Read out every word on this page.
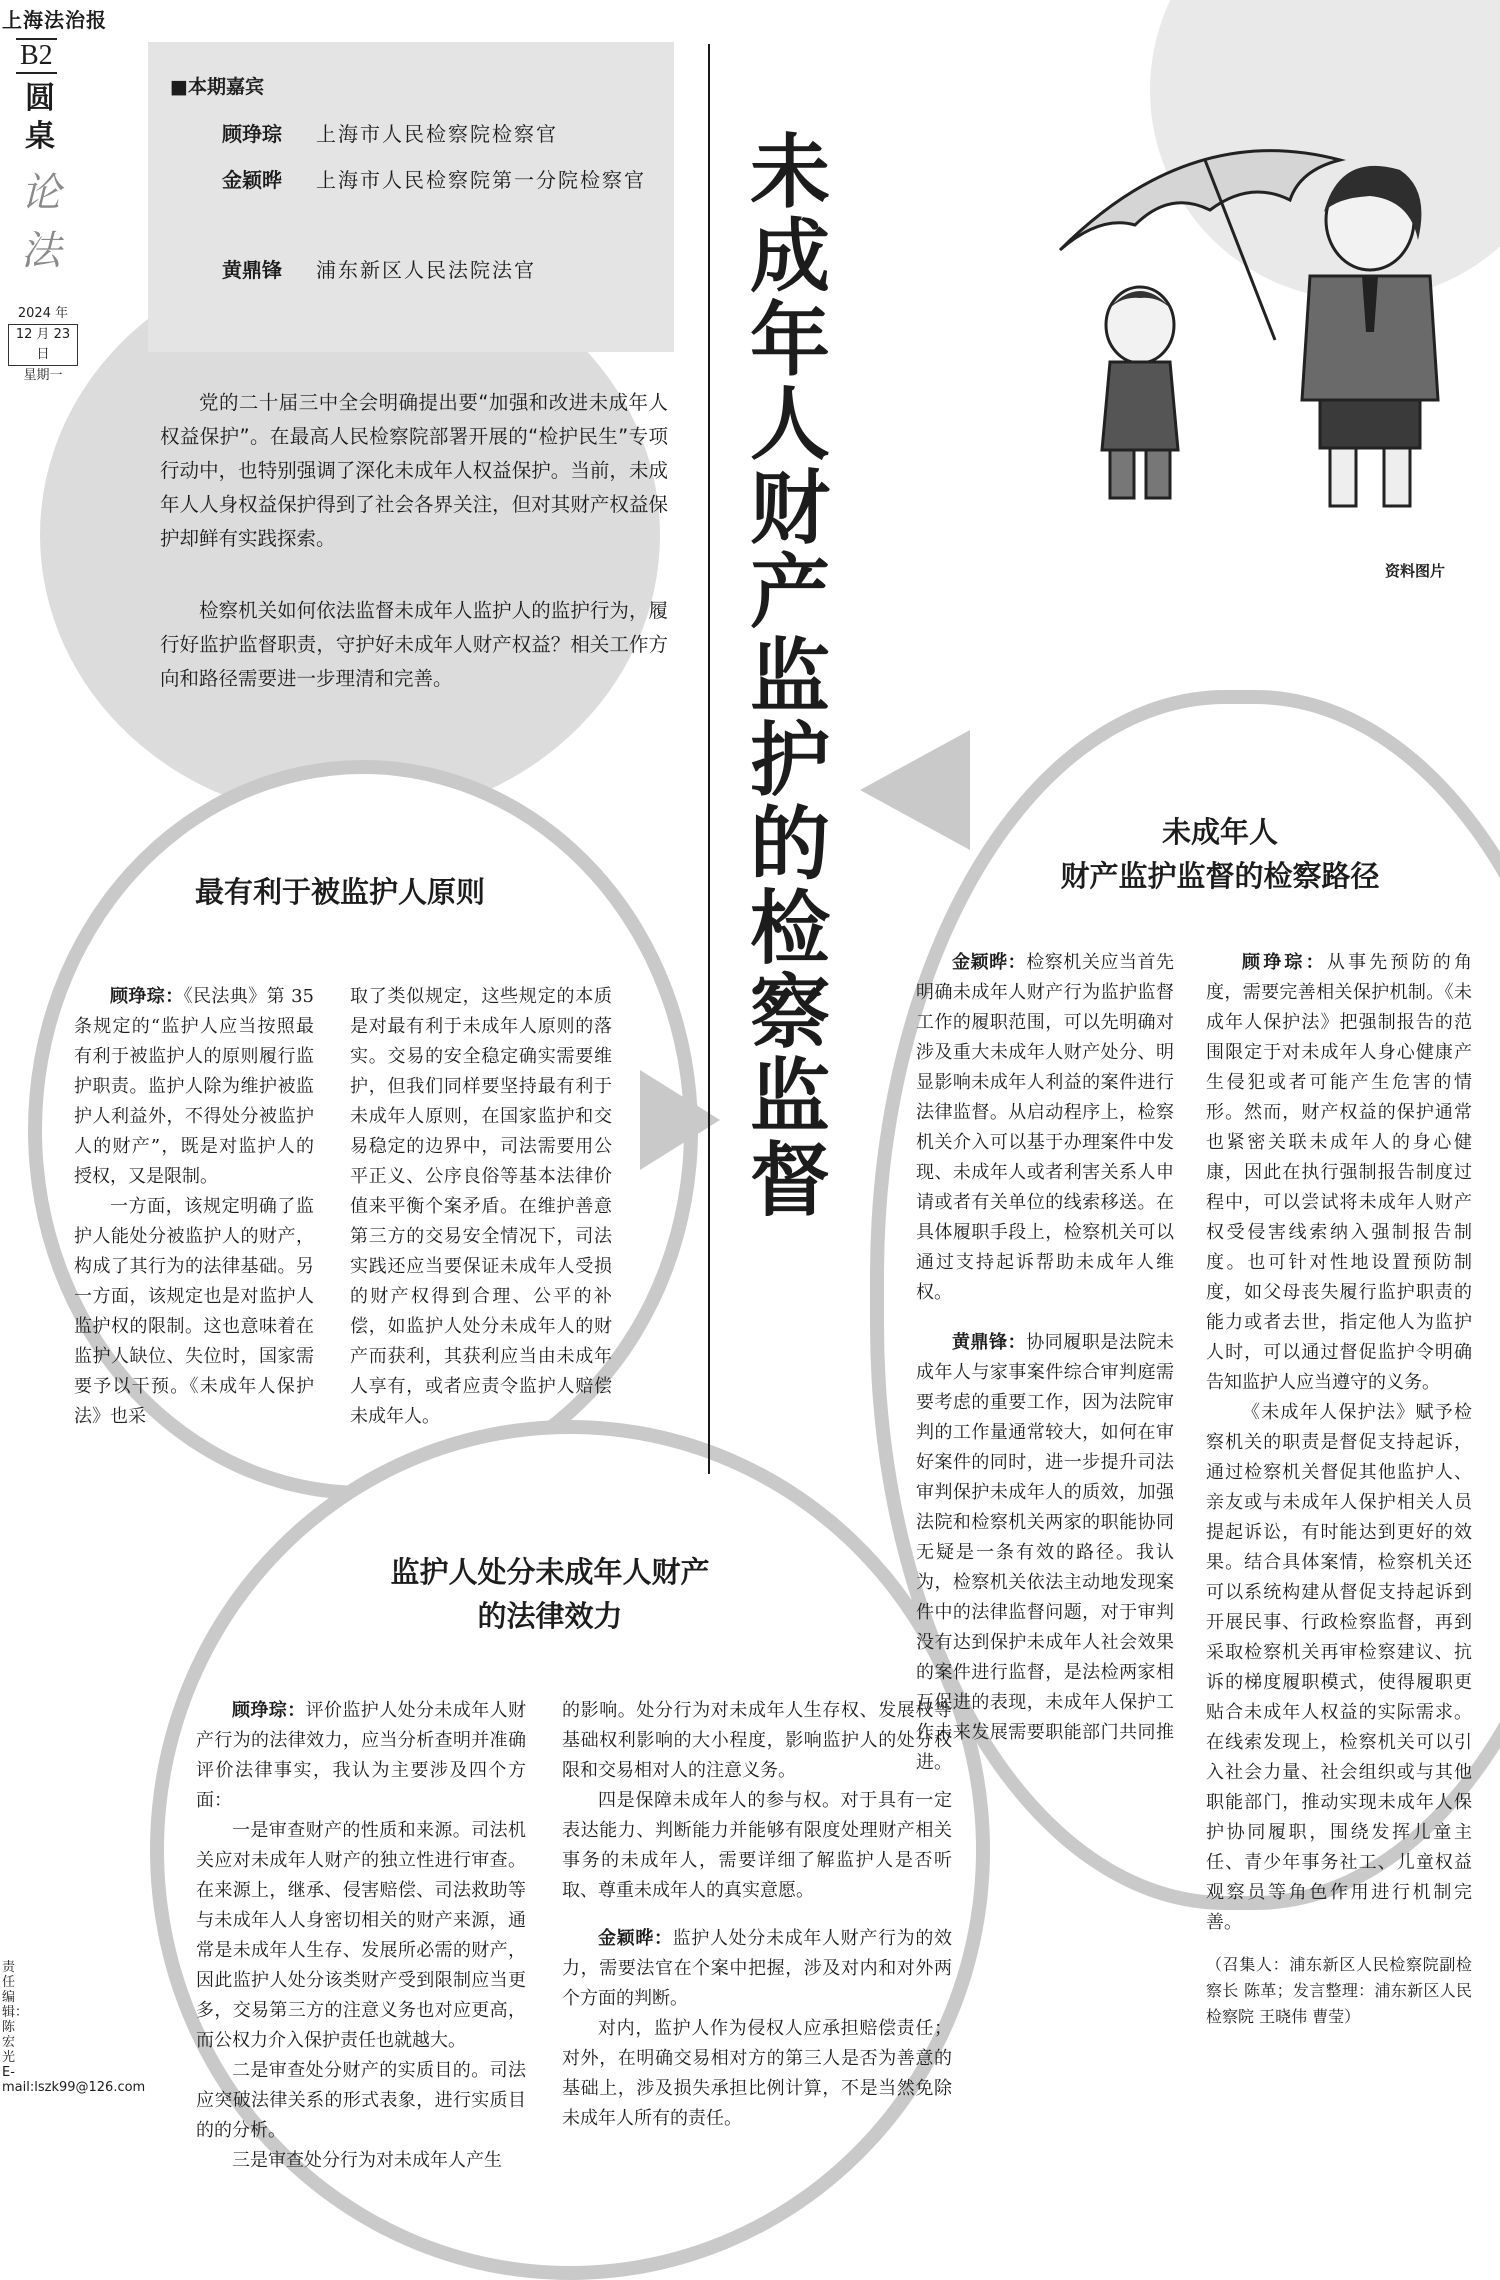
上海法治报
B2
圆
桌
论
法
2024 年
12 月 23 日
星期一
■本期嘉宾
顾琤琮 上海市人民检察院检察官
金颖晔 上海市人民检察院第一分院检察官
黄鼎锋 浦东新区人民法院法官

党的二十届三中全会明确提出要“加强和改进未成年人权益保护”。在最高人民检察院部署开展的“检护民生”专项行动中，也特别强调了深化未成年人权益保护。当前，未成年人人身权益保护得到了社会各界关注，但对其财产权益保护却鲜有实践探索。

检察机关如何依法监督未成年人监护人的监护行为，履行好监护监督职责，守护好未成年人财产权益？相关工作方向和路径需要进一步理清和完善。

未成年人财产监护的检察监督
资料图片
最有利于被监护人原则

顾琤琮：《民法典》第 35 条规定的“监护人应当按照最有利于被监护人的原则履行监护职责。监护人除为维护被监护人利益外，不得处分被监护人的财产”，既是对监护人的授权，又是限制。

一方面，该规定明确了监护人能处分被监护人的财产，构成了其行为的法律基础。另一方面，该规定也是对监护人监护权的限制。这也意味着在监护人缺位、失位时，国家需要予以干预。《未成年人保护法》也采

取了类似规定，这些规定的本质是对最有利于未成年人原则的落实。交易的安全稳定确实需要维护，但我们同样要坚持最有利于未成年人原则，在国家监护和交易稳定的边界中，司法需要用公平正义、公序良俗等基本法律价值来平衡个案矛盾。在维护善意第三方的交易安全情况下，司法实践还应当要保证未成年人受损的财产权得到合理、公平的补偿，如监护人处分未成年人的财产而获利，其获利应当由未成年人享有，或者应责令监护人赔偿未成年人。

监护人处分未成年人财产
的法律效力

顾琤琮：评价监护人处分未成年人财产行为的法律效力，应当分析查明并准确评价法律事实，我认为主要涉及四个方面：

一是审查财产的性质和来源。司法机关应对未成年人财产的独立性进行审查。在来源上，继承、侵害赔偿、司法救助等与未成年人人身密切相关的财产来源，通常是未成年人生存、发展所必需的财产，因此监护人处分该类财产受到限制应当更多，交易第三方的注意义务也对应更高，而公权力介入保护责任也就越大。

二是审查处分财产的实质目的。司法应突破法律关系的形式表象，进行实质目的的分析。

三是审查处分行为对未成年人产生

的影响。处分行为对未成年人生存权、发展权等基础权利影响的大小程度，影响监护人的处分权限和交易相对人的注意义务。

四是保障未成年人的参与权。对于具有一定表达能力、判断能力并能够有限度处理财产相关事务的未成年人，需要详细了解监护人是否听取、尊重未成年人的真实意愿。

金颖晔：监护人处分未成年人财产行为的效力，需要法官在个案中把握，涉及对内和对外两个方面的判断。

对内，监护人作为侵权人应承担赔偿责任；对外，在明确交易相对方的第三人是否为善意的基础上，涉及损失承担比例计算，不是当然免除未成年人所有的责任。

未成年人
财产监护监督的检察路径

金颖晔：检察机关应当首先明确未成年人财产行为监护监督工作的履职范围，可以先明确对涉及重大未成年人财产处分、明显影响未成年人利益的案件进行法律监督。从启动程序上，检察机关介入可以基于办理案件中发现、未成年人或者利害关系人申请或者有关单位的线索移送。在具体履职手段上，检察机关可以通过支持起诉帮助未成年人维权。

黄鼎锋：协同履职是法院未成年人与家事案件综合审判庭需要考虑的重要工作，因为法院审判的工作量通常较大，如何在审好案件的同时，进一步提升司法审判保护未成年人的质效，加强法院和检察机关两家的职能协同无疑是一条有效的路径。我认为，检察机关依法主动地发现案件中的法律监督问题，对于审判没有达到保护未成年人社会效果的案件进行监督，是法检两家相互促进的表现，未成年人保护工作未来发展需要职能部门共同推进。

顾琤琮：从事先预防的角度，需要完善相关保护机制。《未成年人保护法》把强制报告的范围限定于对未成年人身心健康产生侵犯或者可能产生危害的情形。然而，财产权益的保护通常也紧密关联未成年人的身心健康，因此在执行强制报告制度过程中，可以尝试将未成年人财产权受侵害线索纳入强制报告制度。也可针对性地设置预防制度，如父母丧失履行监护职责的能力或者去世，指定他人为监护人时，可以通过督促监护令明确告知监护人应当遵守的义务。

《未成年人保护法》赋予检察机关的职责是督促支持起诉，通过检察机关督促其他监护人、亲友或与未成年人保护相关人员提起诉讼，有时能达到更好的效果。结合具体案情，检察机关还可以系统构建从督促支持起诉到开展民事、行政检察监督，再到采取检察机关再审检察建议、抗诉的梯度履职模式，使得履职更贴合未成年人权益的实际需求。在线索发现上，检察机关可以引入社会力量、社会组织或与其他职能部门，推动实现未成年人保护协同履职，围绕发挥儿童主任、青少年事务社工、儿童权益观察员等角色作用进行机制完善。

（召集人：浦东新区人民检察院副检察长 陈革；发言整理：浦东新区人民检察院 王晓伟 曹莹）

责任编辑：陈宏光 E-mail:lszk99@126.com
